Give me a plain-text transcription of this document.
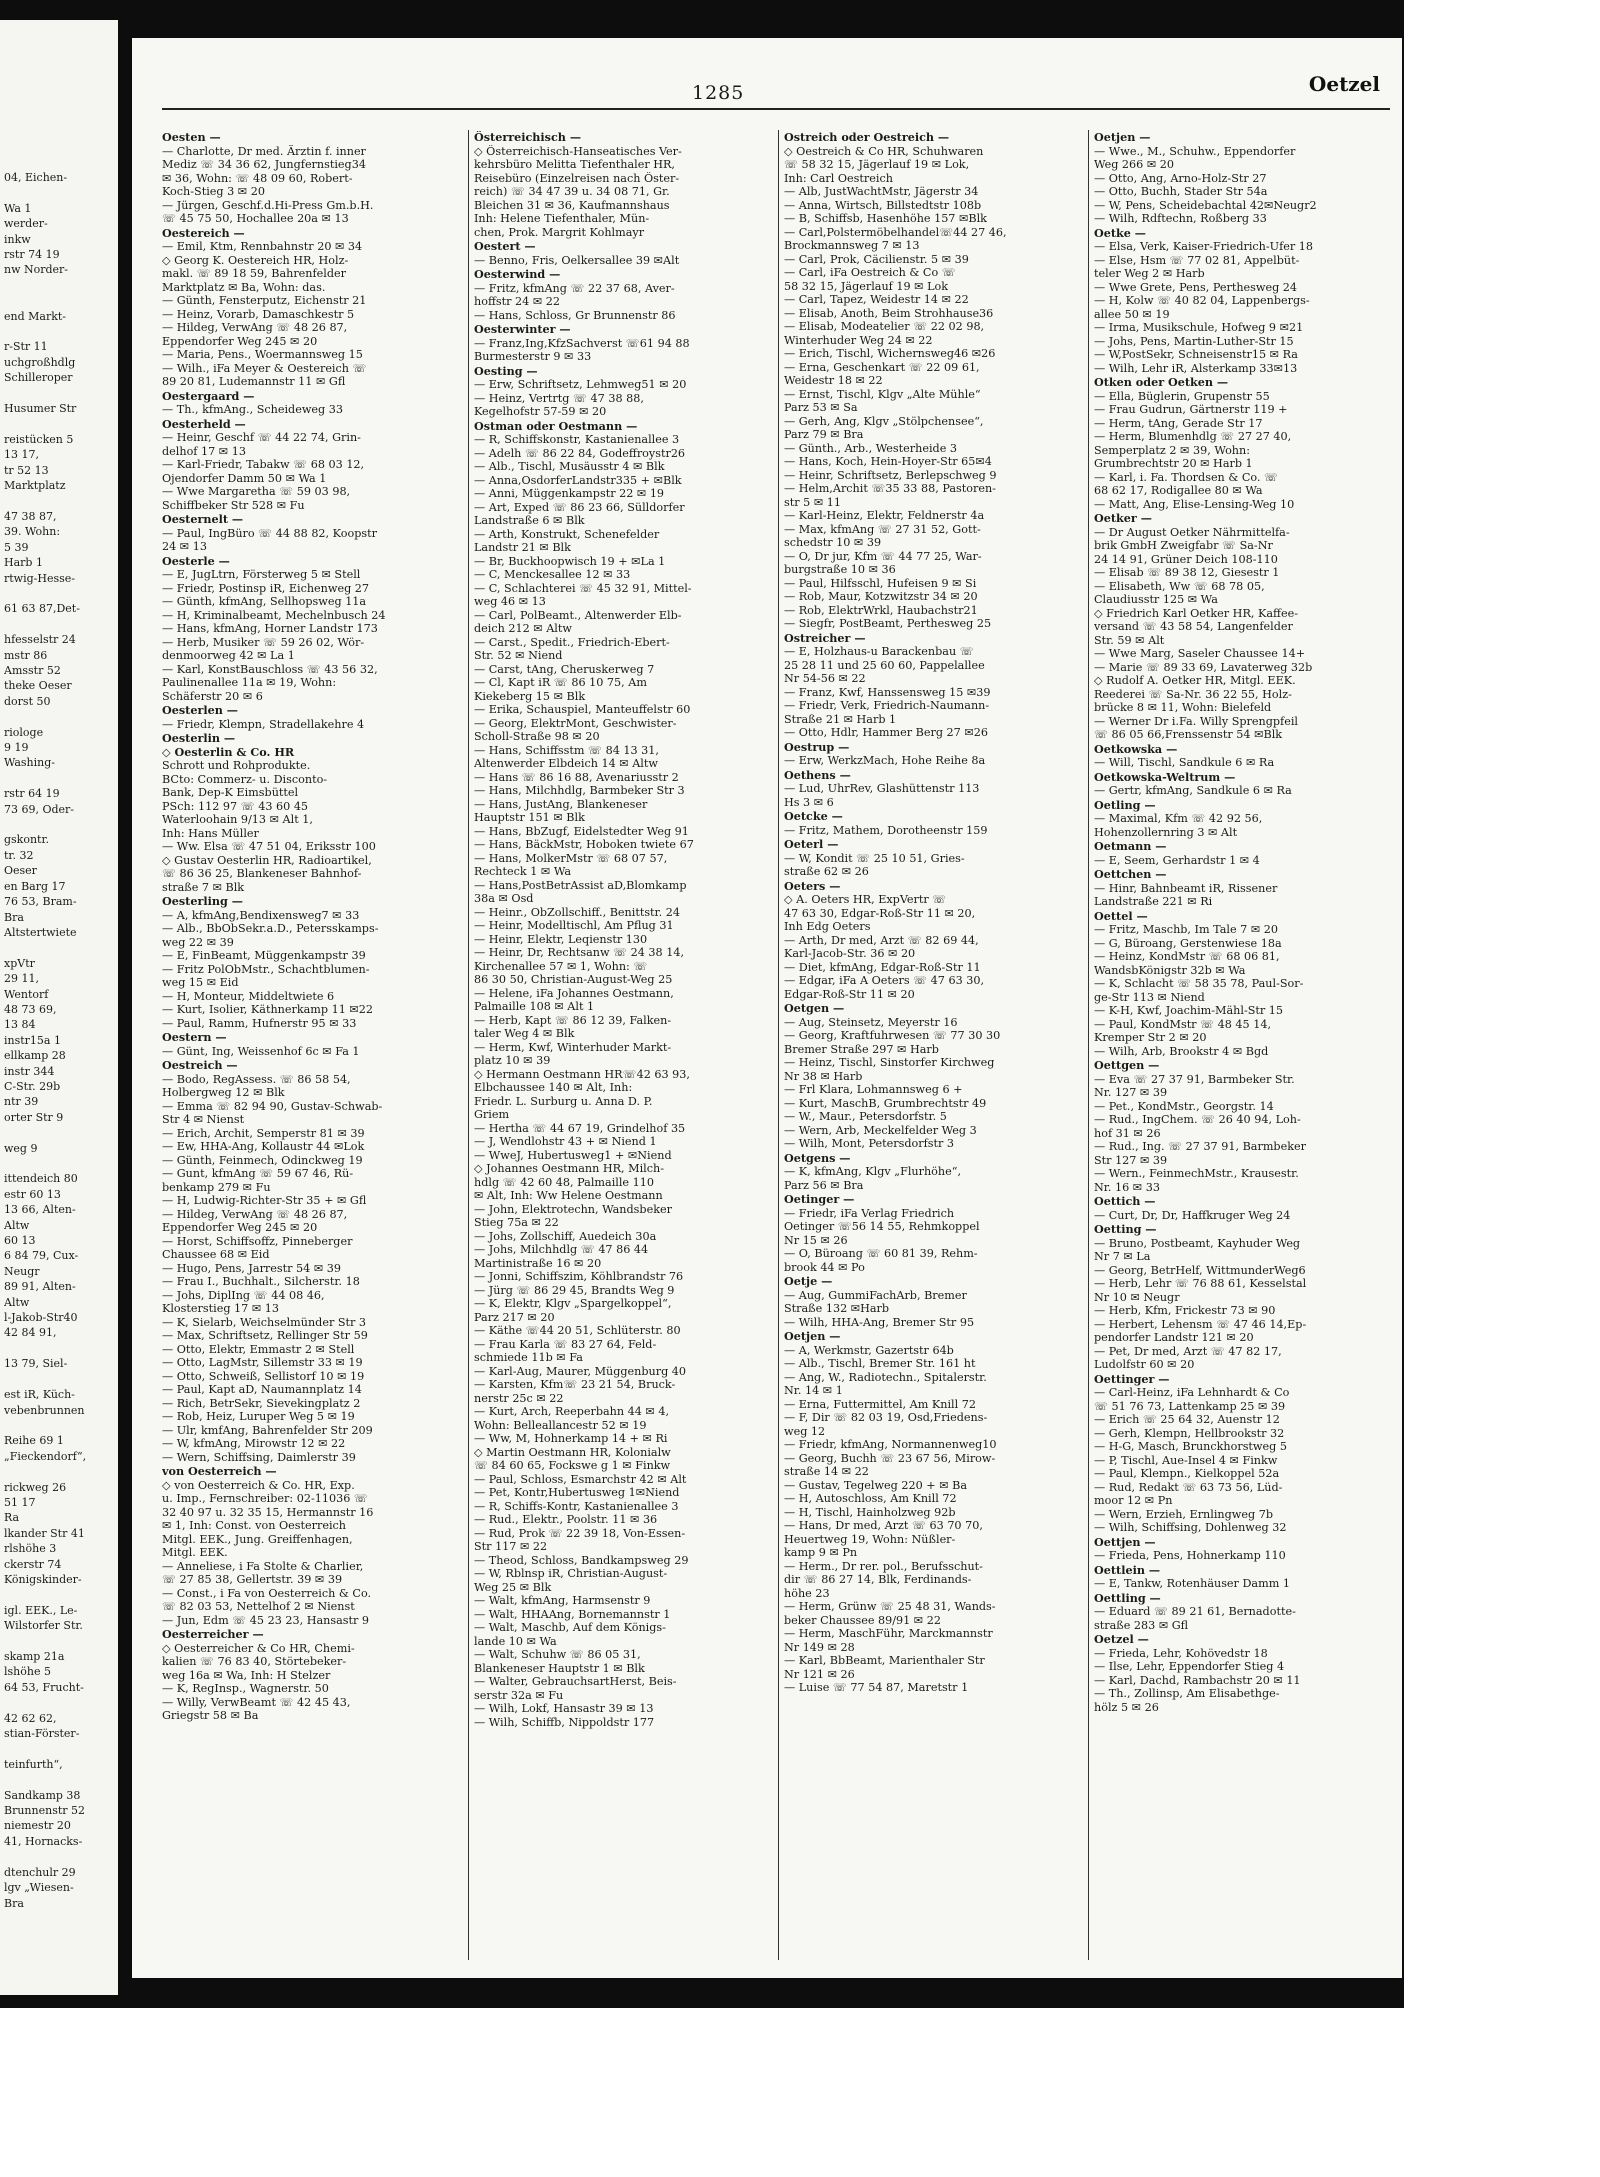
04, Eichen-

Wa 1
werder-
inkw
rstr 74 19
nw Norder-

end Markt-

r-Str 11
uchgroßhdlg
Schilleroper

Husumer Str

reistücken 5
13 17,
tr 52 13
Marktplatz

47 38 87,
39. Wohn:
5 39
Harb 1
rtwig-Hesse-

61 63 87,Det-

hfesselstr 24
mstr 86
Amsstr 52
theke Oeser
dorst 50

riologe
9 19
Washing-

rstr 64 19
73 69, Oder-

gskontr.
tr. 32
Oeser
en Barg 17
76 53, Bram-
Bra
Altstertwiete

xpVtr
29 11,
Wentorf
48 73 69,
13 84
instr15a 1
ellkamp 28
instr 344
C-Str. 29b
ntr 39
orter Str 9

weg 9

ittendeich 80
estr 60 13
13 66, Alten-
Altw
60 13
6 84 79, Cux-
Neugr
89 91, Alten-
Altw
l-Jakob-Str40
42 84 91,

13 79, Siel-

est iR, Küch-
vebenbrunnen

Reihe 69 1
„Fieckendorf“,

rickweg 26
51 17
Ra
lkander Str 41
rlshöhe 3
ckerstr 74
Königskinder-

igl. EEK., Le-
Wilstorfer Str.

skamp 21a
lshöhe 5
64 53, Frucht-

42 62 62,
stian-Förster-

teinfurth“,

Sandkamp 38
Brunnenstr 52
niemestr 20
41, Hornacks-

dtenchulr 29
lgv „Wiesen-
Bra
1285	Oetzel
Oesten —
— Charlotte, Dr med. Ärztin f. inner
Mediz ☏ 34 36 62, Jungfernstieg34
✉ 36, Wohn: ☏ 48 09 60, Robert-
Koch-Stieg 3 ✉ 20
— Jürgen, Geschf.d.Hi-Press Gm.b.H.
☏ 45 75 50, Hochallee 20a ✉ 13
Oestereich —
— Emil, Ktm, Rennbahnstr 20 ✉ 34
◇ Georg K. Oestereich HR, Holz-
makl. ☏ 89 18 59, Bahrenfelder
Marktplatz ✉ Ba, Wohn: das.
— Günth, Fensterputz, Eichenstr 21
— Heinz, Vorarb, Damaschkestr 5
— Hildeg, VerwAng ☏ 48 26 87,
Eppendorfer Weg 245 ✉ 20
— Maria, Pens., Woermannsweg 15
— Wilh., iFa Meyer & Oestereich ☏
89 20 81, Ludemannstr 11 ✉ Gfl
Oestergaard —
— Th., kfmAng., Scheideweg 33
Oesterheld —
— Heinr, Geschf ☏ 44 22 74, Grin-
delhof 17 ✉ 13
— Karl-Friedr, Tabakw ☏ 68 03 12,
Ojendorfer Damm 50 ✉ Wa 1
— Wwe Margaretha ☏ 59 03 98,
Schiffbeker Str 528 ✉ Fu
Oesternelt —
— Paul, IngBüro ☏ 44 88 82, Koopstr
24 ✉ 13
Oesterle —
— E, JugLtrn, Försterweg 5 ✉ Stell
— Friedr, Postinsp iR, Eichenweg 27
— Günth, kfmAng, Sellhopsweg 11a
— H, Kriminalbeamt, Mechelnbusch 24
— Hans, kfmAng, Horner Landstr 173
— Herb, Musiker ☏ 59 26 02, Wör-
denmoorweg 42 ✉ La 1
— Karl, KonstBauschloss ☏ 43 56 32,
Paulinenallee 11a ✉ 19, Wohn:
Schäferstr 20 ✉ 6
Oesterlen —
— Friedr, Klempn, Stradellakehre 4
Oesterlin —
◇ Oesterlin & Co. HR
Schrott und Rohprodukte.
BCto: Commerz- u. Disconto-
Bank, Dep-K Eimsbüttel
PSch: 112 97 ☏ 43 60 45
Waterloohain 9/13 ✉ Alt 1,
Inh: Hans Müller
— Ww. Elsa ☏ 47 51 04, Eriksstr 100
◇ Gustav Oesterlin HR, Radioartikel,
☏ 86 36 25, Blankeneser Bahnhof-
straße 7 ✉ Blk
Oesterling —
— A, kfmAng,Bendixensweg7 ✉ 33
— Alb., BbObSekr.a.D., Petersskamps-
weg 22 ✉ 39
— E, FinBeamt, Müggenkampstr 39
— Fritz PolObMstr., Schachtblumen-
weg 15 ✉ Eid
— H, Monteur, Middeltwiete 6
— Kurt, Isolier, Käthnerkamp 11 ✉22
— Paul, Ramm, Hufnerstr 95 ✉ 33
Oestern —
— Günt, Ing, Weissenhof 6c ✉ Fa 1
Oestreich —
— Bodo, RegAssess. ☏ 86 58 54,
Holbergweg 12 ✉ Blk
— Emma ☏ 82 94 90, Gustav-Schwab-
Str 4 ✉ Nienst
— Erich, Archit, Semperstr 81 ✉ 39
— Ew, HHA-Ang, Kollaustr 44 ✉Lok
— Günth, Feinmech, Odinckweg 19
— Gunt, kfmAng ☏ 59 67 46, Rü-
benkamp 279 ✉ Fu
— H, Ludwig-Richter-Str 35 + ✉ Gfl
— Hildeg, VerwAng ☏ 48 26 87,
Eppendorfer Weg 245 ✉ 20
— Horst, Schiffsoffz, Pinneberger
Chaussee 68 ✉ Eid
— Hugo, Pens, Jarrestr 54 ✉ 39
— Frau I., Buchhalt., Silcherstr. 18
— Johs, DiplIng ☏ 44 08 46,
Klosterstieg 17 ✉ 13
— K, Sielarb, Weichselmünder Str 3
— Max, Schriftsetz, Rellinger Str 59
— Otto, Elektr, Emmastr 2 ✉ Stell
— Otto, LagMstr, Sillemstr 33 ✉ 19
— Otto, Schweiß, Sellistorf 10 ✉ 19
— Paul, Kapt aD, Naumannplatz 14
— Rich, BetrSekr, Sievekingplatz 2
— Rob, Heiz, Luruper Weg 5 ✉ 19
— Ulr, kmfAng, Bahrenfelder Str 209
— W, kfmAng, Mirowstr 12 ✉ 22
— Wern, Schiffsing, Daimlerstr 39
von Oesterreich —
◇ von Oesterreich & Co. HR, Exp.
u. Imp., Fernschreiber: 02-11036 ☏
32 40 97 u. 32 35 15, Hermannstr 16
✉ 1, Inh: Const. von Oesterreich
Mitgl. EEK., Jung. Greiffenhagen,
Mitgl. EEK.
— Anneliese, i Fa Stolte & Charlier,
☏ 27 85 38, Gellertstr. 39 ✉ 39
— Const., i Fa von Oesterreich & Co.
☏ 82 03 53, Nettelhof 2 ✉ Nienst
— Jun, Edm ☏ 45 23 23, Hansastr 9
Oesterreicher —
◇ Oesterreicher & Co HR, Chemi-
kalien ☏ 76 83 40, Störtebeker-
weg 16a ✉ Wa, Inh: H Stelzer
— K, RegInsp., Wagnerstr. 50
— Willy, VerwBeamt ☏ 42 45 43,
Griegstr 58 ✉ Ba
Österreichisch —
◇ Österreichisch-Hanseatisches Ver-
kehrsbüro Melitta Tiefenthaler HR,
Reisebüro (Einzelreisen nach Öster-
reich) ☏ 34 47 39 u. 34 08 71, Gr.
Bleichen 31 ✉ 36, Kaufmannshaus
Inh: Helene Tiefenthaler, Mün-
chen, Prok. Margrit Kohlmayr
Oestert —
— Benno, Fris, Oelkersallee 39 ✉Alt
Oesterwind —
— Fritz, kfmAng ☏ 22 37 68, Aver-
hoffstr 24 ✉ 22
— Hans, Schloss, Gr Brunnenstr 86
Oesterwinter —
— Franz,Ing,KfzSachverst ☏61 94 88
Burmesterstr 9 ✉ 33
Oesting —
— Erw, Schriftsetz, Lehmweg51 ✉ 20
— Heinz, Vertrtg ☏ 47 38 88,
Kegelhofstr 57-59 ✉ 20
Ostman oder Oestmann —
— R, Schiffskonstr, Kastanienallee 3
— Adelh ☏ 86 22 84, Godeffroystr26
— Alb., Tischl, Musäusstr 4 ✉ Blk
— Anna,OsdorferLandstr335 + ✉Blk
— Anni, Müggenkampstr 22 ✉ 19
— Art, Exped ☏ 86 23 66, Sülldorfer
Landstraße 6 ✉ Blk
— Arth, Konstrukt, Schenefelder
Landstr 21 ✉ Blk
— Br, Buckhoopwisch 19 + ✉La 1
— C, Menckesallee 12 ✉ 33
— C, Schlachterei ☏ 45 32 91, Mittel-
weg 46 ✉ 13
— Carl, PolBeamt., Altenwerder Elb-
deich 212 ✉ Altw
— Carst., Spedit., Friedrich-Ebert-
Str. 52 ✉ Niend
— Carst, tAng, Cheruskerweg 7
— Cl, Kapt iR ☏ 86 10 75, Am
Kiekeberg 15 ✉ Blk
— Erika, Schauspiel, Manteuffelstr 60
— Georg, ElektrMont, Geschwister-
Scholl-Straße 98 ✉ 20
— Hans, Schiffsstm ☏ 84 13 31,
Altenwerder Elbdeich 14 ✉ Altw
— Hans ☏ 86 16 88, Avenariusstr 2
— Hans, Milchhdlg, Barmbeker Str 3
— Hans, JustAng, Blankeneser
Hauptstr 151 ✉ Blk
— Hans, BbZugf, Eidelstedter Weg 91
— Hans, BäckMstr, Hoboken twiete 67
— Hans, MolkerMstr ☏ 68 07 57,
Rechteck 1 ✉ Wa
— Hans,PostBetrAssist aD,Blomkamp
38a ✉ Osd
— Heinr., ObZollschiff., Benittstr. 24
— Heinr, Modelltischl, Am Pflug 31
— Heinr, Elektr, Leqienstr 130
— Heinr, Dr, Rechtsanw ☏ 24 38 14,
Kirchenallee 57 ✉ 1, Wohn: ☏
86 30 50, Christian-August-Weg 25
— Helene, iFa Johannes Oestmann,
Palmaille 108 ✉ Alt 1
— Herb, Kapt ☏ 86 12 39, Falken-
taler Weg 4 ✉ Blk
— Herm, Kwf, Winterhuder Markt-
platz 10 ✉ 39
◇ Hermann Oestmann HR☏42 63 93,
Elbchaussee 140 ✉ Alt, Inh:
Friedr. L. Surburg u. Anna D. P.
Griem
— Hertha ☏ 44 67 19, Grindelhof 35
— J, Wendlohstr 43 + ✉ Niend 1
— WweJ, Hubertusweg1 + ✉Niend
◇ Johannes Oestmann HR, Milch-
hdlg ☏ 42 60 48, Palmaille 110
✉ Alt, Inh: Ww Helene Oestmann
— John, Elektrotechn, Wandsbeker
Stieg 75a ✉ 22
— Johs, Zollschiff, Auedeich 30a
— Johs, Milchhdlg ☏ 47 86 44
Martinistraße 16 ✉ 20
— Jonni, Schiffszim, Köhlbrandstr 76
— Jürg ☏ 86 29 45, Brandts Weg 9
— K, Elektr, Klgv „Spargelkoppel“,
Parz 217 ✉ 20
— Käthe ☏44 20 51, Schlüterstr. 80
— Frau Karla ☏ 83 27 64, Feld-
schmiede 11b ✉ Fa
— Karl-Aug, Maurer, Müggenburg 40
— Karsten, Kfm☏ 23 21 54, Bruck-
nerstr 25c ✉ 22
— Kurt, Arch, Reeperbahn 44 ✉ 4,
Wohn: Belleallancestr 52 ✉ 19
— Ww, M, Hohnerkamp 14 + ✉ Ri
◇ Martin Oestmann HR, Kolonialw
☏ 84 60 65, Fockswe g 1 ✉ Finkw
— Paul, Schloss, Esmarchstr 42 ✉ Alt
— Pet, Kontr,Hubertusweg 1✉Niend
— R, Schiffs-Kontr, Kastanienallee 3
— Rud., Elektr., Poolstr. 11 ✉ 36
— Rud, Prok ☏ 22 39 18, Von-Essen-
Str 117 ✉ 22
— Theod, Schloss, Bandkampsweg 29
— W, Rblnsp iR, Christian-August-
Weg 25 ✉ Blk
— Walt, kfmAng, Harmsenstr 9
— Walt, HHAAng, Bornemannstr 1
— Walt, Maschb, Auf dem Königs-
lande 10 ✉ Wa
— Walt, Schuhw ☏ 86 05 31,
Blankeneser Hauptstr 1 ✉ Blk
— Walter, GebrauchsartHerst, Beis-
serstr 32a ✉ Fu
— Wilh, Lokf, Hansastr 39 ✉ 13
— Wilh, Schiffb, Nippoldstr 177
Ostreich oder Oestreich —
◇ Oestreich & Co HR, Schuhwaren
☏ 58 32 15, Jägerlauf 19 ✉ Lok,
Inh: Carl Oestreich
— Alb, JustWachtMstr, Jägerstr 34
— Anna, Wirtsch, Billstedtstr 108b
— B, Schiffsb, Hasenhöhe 157 ✉Blk
— Carl,Polstermöbelhandel☏44 27 46,
Brockmannsweg 7 ✉ 13
— Carl, Prok, Cäcilienstr. 5 ✉ 39
— Carl, iFa Oestreich & Co ☏
58 32 15, Jägerlauf 19 ✉ Lok
— Carl, Tapez, Weidestr 14 ✉ 22
— Elisab, Anoth, Beim Strohhause36
— Elisab, Modeatelier ☏ 22 02 98,
Winterhuder Weg 24 ✉ 22
— Erich, Tischl, Wichernsweg46 ✉26
— Erna, Geschenkart ☏ 22 09 61,
Weidestr 18 ✉ 22
— Ernst, Tischl, Klgv „Alte Mühle“
Parz 53 ✉ Sa
— Gerh, Ang, Klgv „Stölpchensee“,
Parz 79 ✉ Bra
— Günth., Arb., Westerheide 3
— Hans, Koch, Hein-Hoyer-Str 65✉4
— Heinr, Schriftsetz, Berlepschweg 9
— Helm,Archit ☏35 33 88, Pastoren-
str 5 ✉ 11
— Karl-Heinz, Elektr, Feldnerstr 4a
— Max, kfmAng ☏ 27 31 52, Gott-
schedstr 10 ✉ 39
— O, Dr jur, Kfm ☏ 44 77 25, War-
burgstraße 10 ✉ 36
— Paul, Hilfsschl, Hufeisen 9 ✉ Si
— Rob, Maur, Kotzwitzstr 34 ✉ 20
— Rob, ElektrWrkl, Haubachstr21
— Siegfr, PostBeamt, Perthesweg 25
Ostreicher —
— E, Holzhaus-u Barackenbau ☏
25 28 11 und 25 60 60, Pappelallee
Nr 54-56 ✉ 22
— Franz, Kwf, Hanssensweg 15 ✉39
— Friedr, Verk, Friedrich-Naumann-
Straße 21 ✉ Harb 1
— Otto, Hdlr, Hammer Berg 27 ✉26
Oestrup —
— Erw, WerkzMach, Hohe Reihe 8a
Oethens —
— Lud, UhrRev, Glashüttenstr 113
Hs 3 ✉ 6
Oetcke —
— Fritz, Mathem, Dorotheenstr 159
Oeterl —
— W, Kondit ☏ 25 10 51, Gries-
straße 62 ✉ 26
Oeters —
◇ A. Oeters HR, ExpVertr ☏
47 63 30, Edgar-Roß-Str 11 ✉ 20,
Inh Edg Oeters
— Arth, Dr med, Arzt ☏ 82 69 44,
Karl-Jacob-Str. 36 ✉ 20
— Diet, kfmAng, Edgar-Roß-Str 11
— Edgar, iFa A Oeters ☏ 47 63 30,
Edgar-Roß-Str 11 ✉ 20
Oetgen —
— Aug, Steinsetz, Meyerstr 16
— Georg, Kraftfuhrwesen ☏ 77 30 30
Bremer Straße 297 ✉ Harb
— Heinz, Tischl, Sinstorfer Kirchweg
Nr 38 ✉ Harb
— Frl Klara, Lohmannsweg 6 +
— Kurt, MaschB, Grumbrechtstr 49
— W., Maur., Petersdorfstr. 5
— Wern, Arb, Meckelfelder Weg 3
— Wilh, Mont, Petersdorfstr 3
Oetgens —
— K, kfmAng, Klgv „Flurhöhe“,
Parz 56 ✉ Bra
Oetinger —
— Friedr, iFa Verlag Friedrich
Oetinger ☏56 14 55, Rehmkoppel
Nr 15 ✉ 26
— O, Büroang ☏ 60 81 39, Rehm-
brook 44 ✉ Po
Oetje —
— Aug, GummiFachArb, Bremer
Straße 132 ✉Harb
— Wilh, HHA-Ang, Bremer Str 95
Oetjen —
— A, Werkmstr, Gazertstr 64b
— Alb., Tischl, Bremer Str. 161 ht
— Ang, W., Radiotechn., Spitalerstr.
Nr. 14 ✉ 1
— Erna, Futtermittel, Am Knill 72
— F, Dir ☏ 82 03 19, Osd,Friedens-
weg 12
— Friedr, kfmAng, Normannenweg10
— Georg, Buchh ☏ 23 67 56, Mirow-
straße 14 ✉ 22
— Gustav, Tegelweg 220 + ✉ Ba
— H, Autoschloss, Am Knill 72
— H, Tischl, Hainholzweg 92b
— Hans, Dr med, Arzt ☏ 63 70 70,
Heuertweg 19, Wohn: Nüßler-
kamp 9 ✉ Pn
— Herm., Dr rer. pol., Berufsschut-
dir ☏ 86 27 14, Blk, Ferdinands-
höhe 23
— Herm, Grünw ☏ 25 48 31, Wands-
beker Chaussee 89/91 ✉ 22
— Herm, MaschFühr, Marckmannstr
Nr 149 ✉ 28
— Karl, BbBeamt, Marienthaler Str
Nr 121 ✉ 26
— Luise ☏ 77 54 87, Maretstr 1
Oetjen —
— Wwe., M., Schuhw., Eppendorfer
Weg 266 ✉ 20
— Otto, Ang, Arno-Holz-Str 27
— Otto, Buchh, Stader Str 54a
— W, Pens, Scheidebachtal 42✉Neugr2
— Wilh, Rdftechn, Roßberg 33
Oetke —
— Elsa, Verk, Kaiser-Friedrich-Ufer 18
— Else, Hsm ☏ 77 02 81, Appelbüt-
teler Weg 2 ✉ Harb
— Wwe Grete, Pens, Perthesweg 24
— H, Kolw ☏ 40 82 04, Lappenbergs-
allee 50 ✉ 19
— Irma, Musikschule, Hofweg 9 ✉21
— Johs, Pens, Martin-Luther-Str 15
— W,PostSekr, Schneisenstr15 ✉ Ra
— Wilh, Lehr iR, Alsterkamp 33✉13
Otken oder Oetken —
— Ella, Büglerin, Grupenstr 55
— Frau Gudrun, Gärtnerstr 119 +
— Herm, tAng, Gerade Str 17
— Herm, Blumenhdlg ☏ 27 27 40,
Semperplatz 2 ✉ 39, Wohn:
Grumbrechtstr 20 ✉ Harb 1
— Karl, i. Fa. Thordsen & Co. ☏
68 62 17, Rodigallee 80 ✉ Wa
— Matt, Ang, Elise-Lensing-Weg 10
Oetker —
— Dr August Oetker Nährmittelfa-
brik GmbH Zweigfabr ☏ Sa-Nr
24 14 91, Grüner Deich 108-110
— Elisab ☏ 89 38 12, Giesestr 1
— Elisabeth, Ww ☏ 68 78 05,
Claudiusstr 125 ✉ Wa
◇ Friedrich Karl Oetker HR, Kaffee-
versand ☏ 43 58 54, Langenfelder
Str. 59 ✉ Alt
— Wwe Marg, Saseler Chaussee 14+
— Marie ☏ 89 33 69, Lavaterweg 32b
◇ Rudolf A. Oetker HR, Mitgl. EEK.
Reederei ☏ Sa-Nr. 36 22 55, Holz-
brücke 8 ✉ 11, Wohn: Bielefeld
— Werner Dr i.Fa. Willy Sprengpfeil
☏ 86 05 66,Frenssenstr 54 ✉Blk
Oetkowska —
— Will, Tischl, Sandkule 6 ✉ Ra
Oetkowska-Weltrum —
— Gertr, kfmAng, Sandkule 6 ✉ Ra
Oetling —
— Maximal, Kfm ☏ 42 92 56,
Hohenzollernring 3 ✉ Alt
Oetmann —
— E, Seem, Gerhardstr 1 ✉ 4
Oettchen —
— Hinr, Bahnbeamt iR, Rissener
Landstraße 221 ✉ Ri
Oettel —
— Fritz, Maschb, Im Tale 7 ✉ 20
— G, Büroang, Gerstenwiese 18a
— Heinz, KondMstr ☏ 68 06 81,
WandsbKönigstr 32b ✉ Wa
— K, Schlacht ☏ 58 35 78, Paul-Sor-
ge-Str 113 ✉ Niend
— K-H, Kwf, Joachim-Mähl-Str 15
— Paul, KondMstr ☏ 48 45 14,
Kremper Str 2 ✉ 20
— Wilh, Arb, Brookstr 4 ✉ Bgd
Oettgen —
— Eva ☏ 27 37 91, Barmbeker Str.
Nr. 127 ✉ 39
— Pet., KondMstr., Georgstr. 14
— Rud., IngChem. ☏ 26 40 94, Loh-
hof 31 ✉ 26
— Rud., Ing. ☏ 27 37 91, Barmbeker
Str 127 ✉ 39
— Wern., FeinmechMstr., Krausestr.
Nr. 16 ✉ 33
Oettich —
— Curt, Dr, Dr, Haffkruger Weg 24
Oetting —
— Bruno, Postbeamt, Kayhuder Weg
Nr 7 ✉ La
— Georg, BetrHelf, WittmunderWeg6
— Herb, Lehr ☏ 76 88 61, Kesselstal
Nr 10 ✉ Neugr
— Herb, Kfm, Frickestr 73 ✉ 90
— Herbert, Lehensm ☏ 47 46 14,Ep-
pendorfer Landstr 121 ✉ 20
— Pet, Dr med, Arzt ☏ 47 82 17,
Ludolfstr 60 ✉ 20
Oettinger —
— Carl-Heinz, iFa Lehnhardt & Co
☏ 51 76 73, Lattenkamp 25 ✉ 39
— Erich ☏ 25 64 32, Auenstr 12
— Gerh, Klempn, Hellbrookstr 32
— H-G, Masch, Brunckhorstweg 5
— P, Tischl, Aue-Insel 4 ✉ Finkw
— Paul, Klempn., Kielkoppel 52a
— Rud, Redakt ☏ 63 73 56, Lüd-
moor 12 ✉ Pn
— Wern, Erzieh, Ernlingweg 7b
— Wilh, Schiffsing, Dohlenweg 32
Oettjen —
— Frieda, Pens, Hohnerkamp 110
Oettlein —
— E, Tankw, Rotenhäuser Damm 1
Oettling —
— Eduard ☏ 89 21 61, Bernadotte-
straße 283 ✉ Gfl
Oetzel —
— Frieda, Lehr, Kohövedstr 18
— Ilse, Lehr, Eppendorfer Stieg 4
— Karl, Dachd, Rambachstr 20 ✉ 11
— Th., Zollinsp, Am Elisabethge-
hölz 5 ✉ 26
